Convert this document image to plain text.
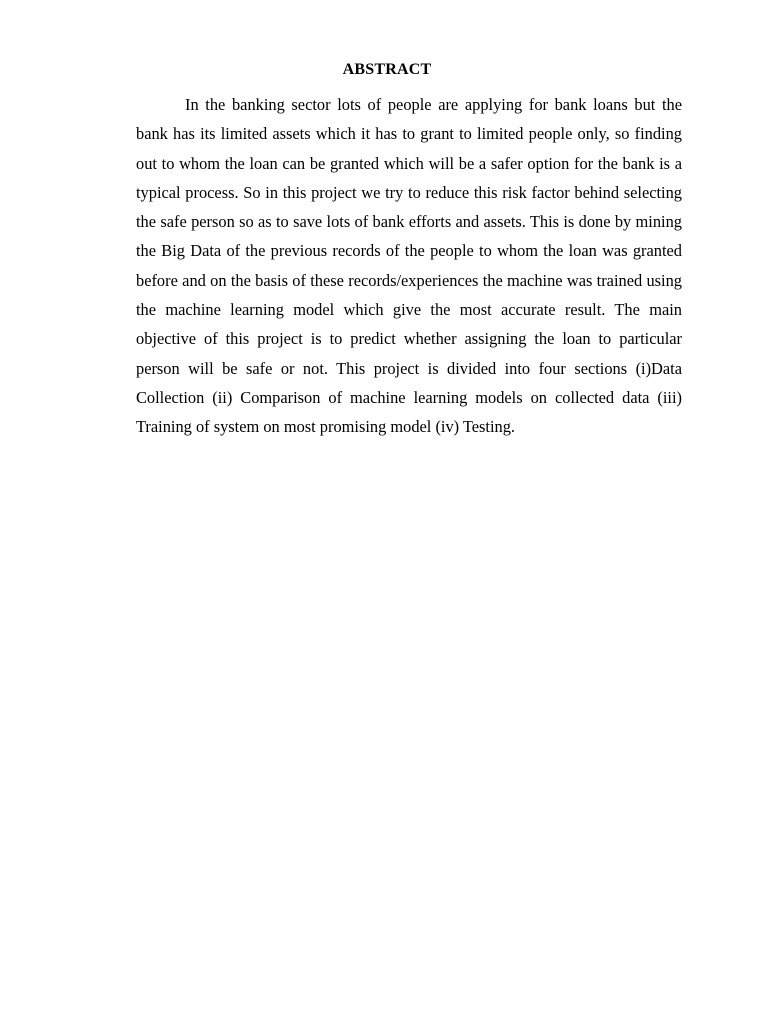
ABSTRACT

In the banking sector lots of people are applying for bank loans but the bank has its limited assets which it has to grant to limited people only, so finding out to whom the loan can be granted which will be a safer option for the bank is a typical process. So in this project we try to reduce this risk factor behind selecting the safe person so as to save lots of bank efforts and assets. This is done by mining the Big Data of the previous records of the people to whom the loan was granted before and on the basis of these records/experiences the machine was trained using the machine learning model which give the most accurate result. The main objective of this project is to predict whether assigning the loan to particular person will be safe or not. This project is divided into four sections (i)Data Collection (ii) Comparison of machine learning models on collected data (iii) Training of system on most promising model (iv) Testing.
